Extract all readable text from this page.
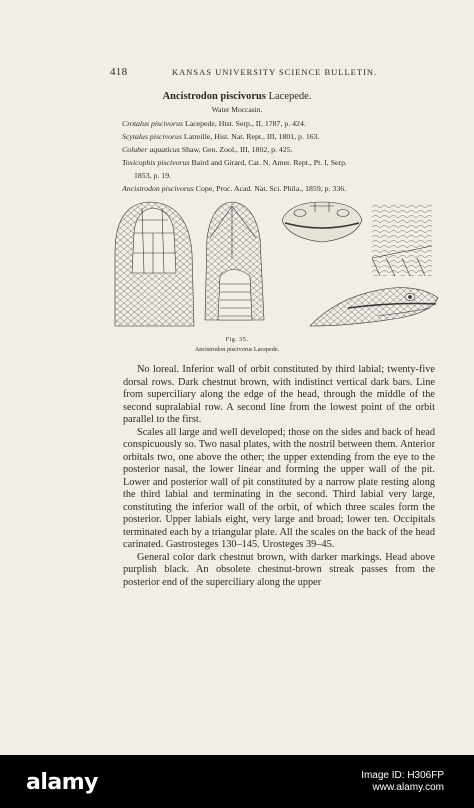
418	KANSAS UNIVERSITY SCIENCE BULLETIN.
Ancistrodon piscivorus Lacepede.
Water Moccasin.

Crotalus piscivorus Lacepede, Hist. Serp., II, 1787, p. 424.

Scytalus piscivorus Latreille, Hist. Nat. Rept., III, 1801, p. 163.

Coluber aquaticus Shaw, Gen. Zool., III, 1802, p. 425.

Toxicophis piscivorus Baird and Girard, Cat. N. Amer. Rept., Pt. I, Serp.

1853, p. 19.

Ancistrodon piscivorus Cope, Proc. Acad. Nat. Sci. Phila., 1859, p. 336.

Fig. 35.
Ancistrodon piscivorus Lacepede.

No loreal. Inferior wall of orbit constituted by third labial; twenty-five dorsal rows. Dark chestnut brown, with indistinct vertical dark bars. Line from superciliary along the edge of the head, through the middle of the second supralabial row. A second line from the lowest point of the orbit parallel to the first.

Scales all large and well developed; those on the sides and back of head conspicuously so. Two nasal plates, with the nostril between them. Anterior orbitals two, one above the other; the upper extending from the eye to the posterior nasal, the lower linear and forming the upper wall of the pit. Lower and posterior wall of pit constituted by a narrow plate resting along the third labial and terminating in the second. Third labial very large, constituting the inferior wall of the orbit, of which three scales form the posterior. Upper labials eight, very large and broad; lower ten. Occipitals terminated each by a triangular plate. All the scales on the back of the head carinated. Gastrosteges 130–145. Urosteges 39–45.

General color dark chestnut brown, with darker markings. Head above purplish black. An obsolete chestnut-brown streak passes from the posterior end of the superciliary along the upper

alamy	Image ID: H306FP
www.alamy.com
